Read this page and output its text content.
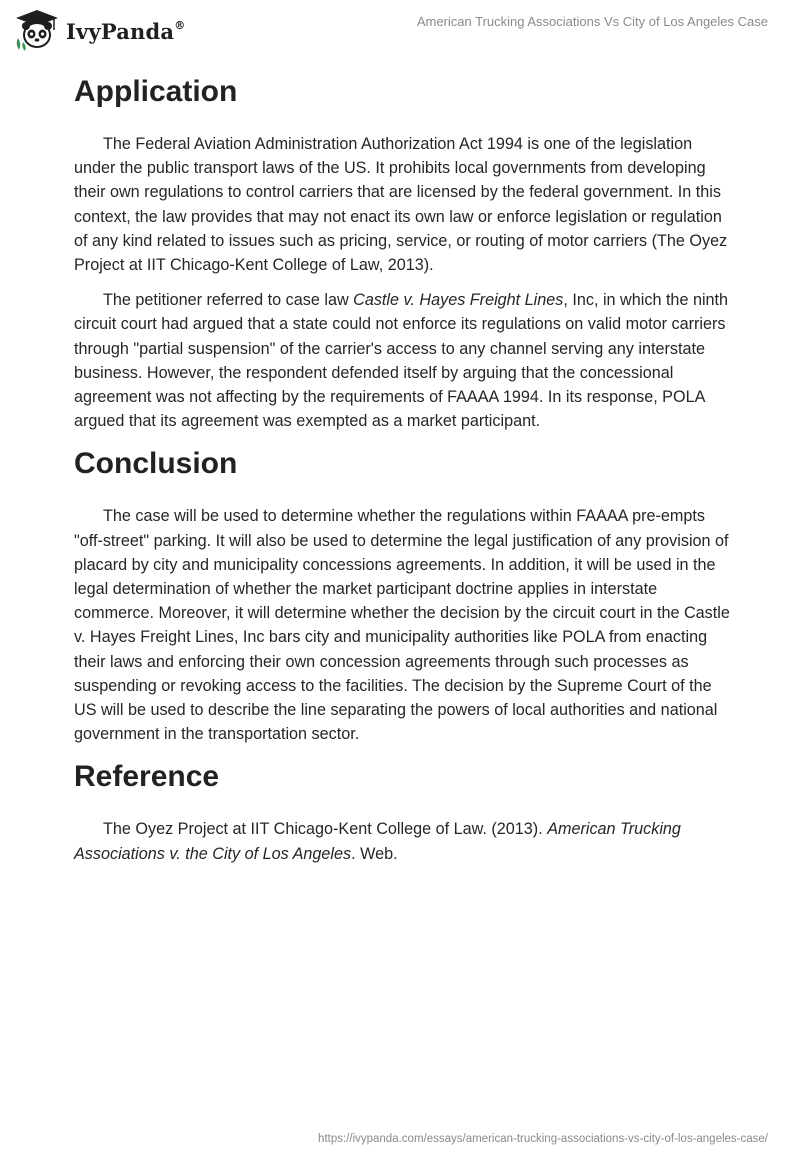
IvyPanda®	American Trucking Associations Vs City of Los Angeles Case
Application

The Federal Aviation Administration Authorization Act 1994 is one of the legislation under the public transport laws of the US. It prohibits local governments from developing their own regulations to control carriers that are licensed by the federal government. In this context, the law provides that may not enact its own law or enforce legislation or regulation of any kind related to issues such as pricing, service, or routing of motor carriers (The Oyez Project at IIT Chicago-Kent College of Law, 2013).

The petitioner referred to case law Castle v. Hayes Freight Lines, Inc, in which the ninth circuit court had argued that a state could not enforce its regulations on valid motor carriers through "partial suspension" of the carrier's access to any channel serving any interstate business. However, the respondent defended itself by arguing that the concessional agreement was not affecting by the requirements of FAAAA 1994. In its response, POLA argued that its agreement was exempted as a market participant.

Conclusion

The case will be used to determine whether the regulations within FAAAA pre-empts "off-street" parking. It will also be used to determine the legal justification of any provision of placard by city and municipality concessions agreements. In addition, it will be used in the legal determination of whether the market participant doctrine applies in interstate commerce. Moreover, it will determine whether the decision by the circuit court in the Castle v. Hayes Freight Lines, Inc bars city and municipality authorities like POLA from enacting their laws and enforcing their own concession agreements through such processes as suspending or revoking access to the facilities. The decision by the Supreme Court of the US will be used to describe the line separating the powers of local authorities and national government in the transportation sector.

Reference

The Oyez Project at IIT Chicago-Kent College of Law. (2013). American Trucking Associations v. the City of Los Angeles. Web.

https://ivypanda.com/essays/american-trucking-associations-vs-city-of-los-angeles-case/
